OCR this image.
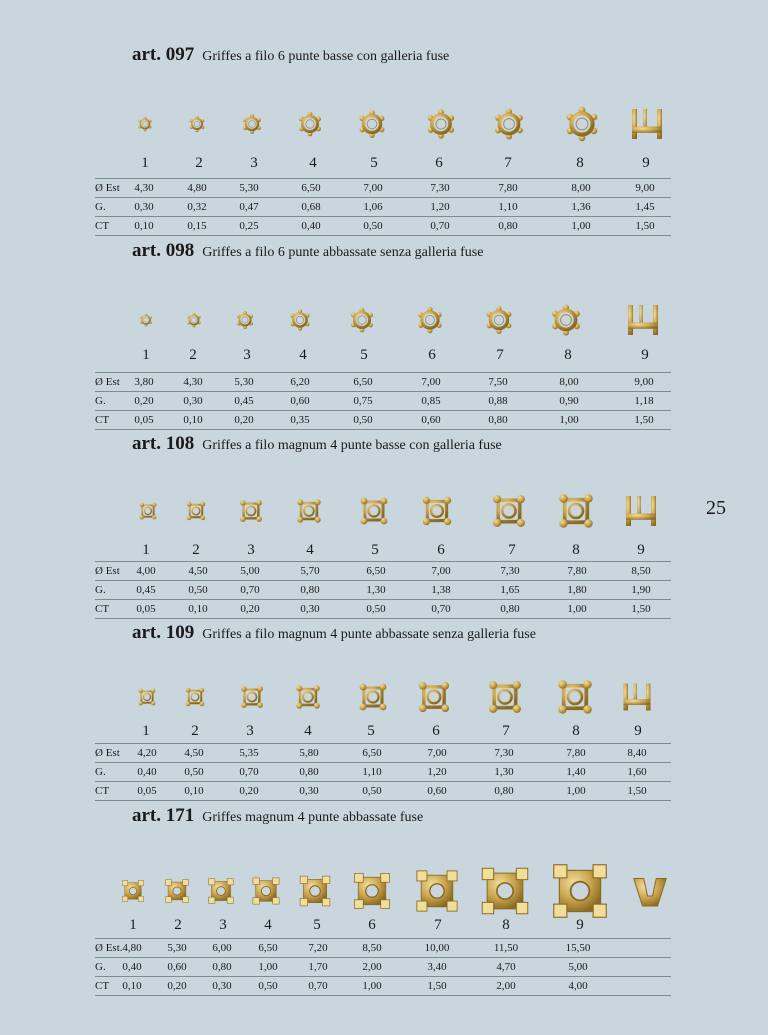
art. 097 Griffes a filo 6 punte basse con galleria fuse
1	2	3	4	5	6	7	8	9
Ø Est 4,30	4,80	5,30	6,50	7,00	7,30	7,80	8,00	9,00
G.	0,30	0,32	0,47	0,68	1,06	1,20	1,10	1,36	1,45
CT 0,10	0,15	0,25	0,40	0,50	0,70	0,80	1,00	1,50
art. 098 Griffes a filo 6 punte abbassate senza galleria fuse
1	2	3	4	5	6	7	8	9
Ø Est 3,80	4,30	5,30	6,20	6,50	7,00	7,50	8,00	9,00
G.	0,20	0,30	0,45	0,60	0,75	0,85	0,88	0,90	1,18
CT 0,05	0,10	0,20	0,35	0,50	0,60	0,80	1,00	1,50
art. 108 Griffes a filo magnum 4 punte basse con galleria fuse
1	2	3	4	5	6	7	8	9
Ø Est 4,00	4,50	5,00	5,70	6,50	7,00	7,30	7,80	8,50
G.	0,45	0,50	0,70	0,80	1,30	1,38	1,65	1,80	1,90
CT 0,05	0,10	0,20	0,30	0,50	0,70	0,80	1,00	1,50
art. 109 Griffes a filo magnum 4 punte abbassate senza galleria fuse
1	2	3	4	5	6	7	8	9
Ø Est 4,20	4,50	5,35	5,80	6,50	7,00	7,30	7,80	8,40
G.	0,40	0,50	0,70	0,80	1,10	1,20	1,30	1,40	1,60
CT	0,05	0,10	0,20	0,30	0,50	0,60	0,80	1,00	1,50
art. 171 Griffes magnum 4 punte abbassate fuse
1	2	3	4	5	6	7	8	9
Ø Est. 4,80 5,30 6,00 6,50	7,20	8,50	10,00	11,50	15,50
G. 0,40 0,60 0,80 1,00	1,70	2,00	3,40	4,70	5,00
CT 0,10 0,20 0,30 0,50	0,70	1,00	1,50	2,00	4,00
25
